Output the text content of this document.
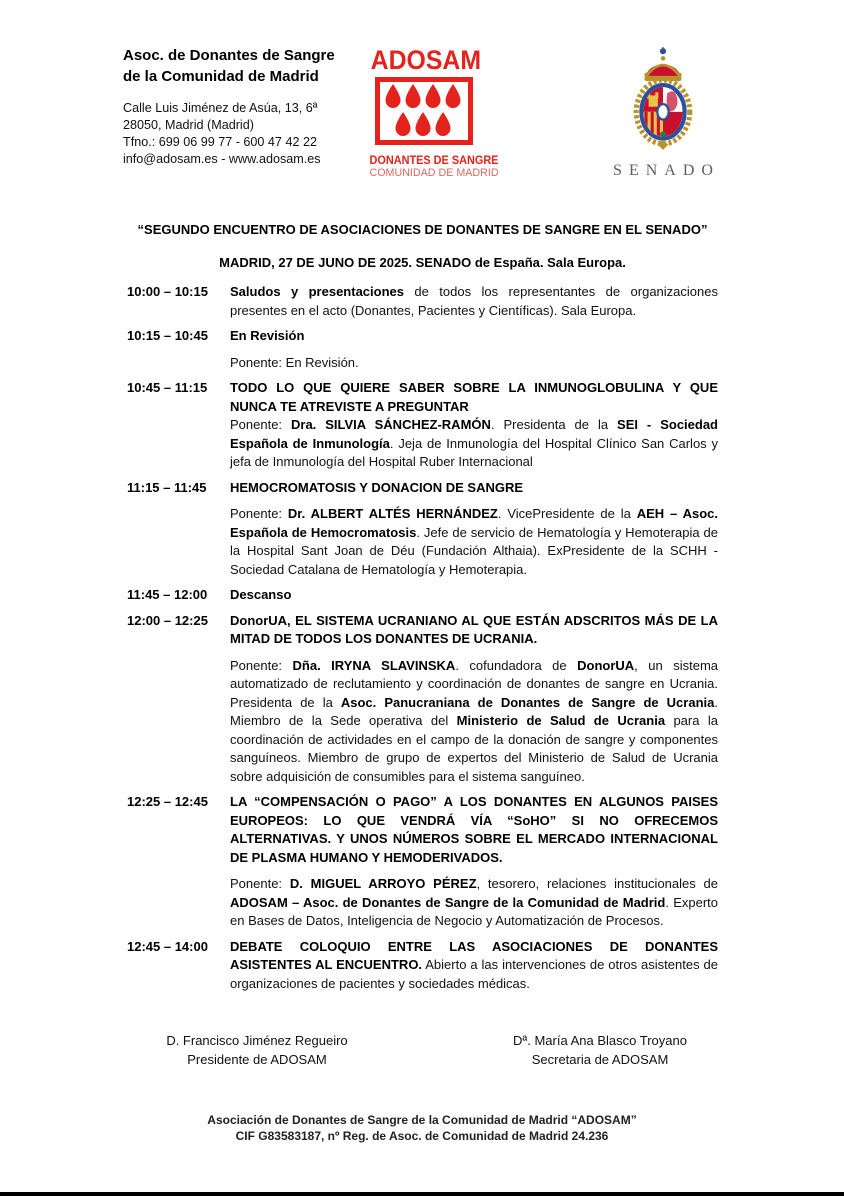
Asoc. de Donantes de Sangre
de la Comunidad de Madrid
Calle Luis Jiménez de Asúa, 13, 6ª
28050, Madrid (Madrid)
Tfno.: 699 06 99 77 - 600 47 42 22
info@adosam.es - www.adosam.es
ADOSAM
DONANTES DE SANGRE
COMUNIDAD DE MADRID	SENADO
“SEGUNDO ENCUENTRO DE ASOCIACIONES DE DONANTES DE SANGRE EN EL SENADO”
MADRID, 27 DE JUNO DE 2025. SENADO de España. Sala Europa.
10:00 – 10:15	Saludos y presentaciones de todos los representantes de organizaciones presentes en el acto (Donantes, Pacientes y Científicas). Sala Europa.
10:15 – 10:45	En Revisión
Ponente: En Revisión.
10:45 – 11:15	TODO LO QUE QUIERE SABER SOBRE LA INMUNOGLOBULINA Y QUE NUNCA TE ATREVISTE A PREGUNTAR
Ponente: Dra. SILVIA SÁNCHEZ-RAMÓN. Presidenta de la SEI - Sociedad Española de Inmunología. Jeja de Inmunología del Hospital Clínico San Carlos y jefa de Inmunología del Hospital Ruber Internacional
11:15 – 11:45	HEMOCROMATOSIS Y DONACION DE SANGRE
Ponente: Dr. ALBERT ALTÉS HERNÁNDEZ. VicePresidente de la AEH – Asoc. Española de Hemocromatosis. Jefe de servicio de Hematología y Hemoterapia de la Hospital Sant Joan de Déu (Fundación Althaia). ExPresidente de la SCHH - Sociedad Catalana de Hematología y Hemoterapia.
11:45 – 12:00	Descanso
12:00 – 12:25	DonorUA, EL SISTEMA UCRANIANO AL QUE ESTÁN ADSCRITOS MÁS DE LA MITAD DE TODOS LOS DONANTES DE UCRANIA.
Ponente: Dña. IRYNA SLAVINSKA. cofundadora de DonorUA, un sistema automatizado de reclutamiento y coordinación de donantes de sangre en Ucrania. Presidenta de la Asoc. Panucraniana de Donantes de Sangre de Ucrania. Miembro de la Sede operativa del Ministerio de Salud de Ucrania para la coordinación de actividades en el campo de la donación de sangre y componentes sanguíneos. Miembro de grupo de expertos del Ministerio de Salud de Ucrania sobre adquisición de consumibles para el sistema sanguíneo.
12:25 – 12:45	LA “COMPENSACIÓN O PAGO” A LOS DONANTES EN ALGUNOS PAISES EUROPEOS: LO QUE VENDRÁ VÍA “SoHO” SI NO OFRECEMOS ALTERNATIVAS. Y UNOS NÚMEROS SOBRE EL MERCADO INTERNACIONAL DE PLASMA HUMANO Y HEMODERIVADOS.
Ponente: D. MIGUEL ARROYO PÉREZ, tesorero, relaciones institucionales de ADOSAM – Asoc. de Donantes de Sangre de la Comunidad de Madrid. Experto en Bases de Datos, Inteligencia de Negocio y Automatización de Procesos.
12:45 – 14:00	DEBATE COLOQUIO ENTRE LAS ASOCIACIONES DE DONANTES ASISTENTES AL ENCUENTRO. Abierto a las intervenciones de otros asistentes de organizaciones de pacientes y sociedades médicas.
D. Francisco Jiménez Regueiro
Presidente de ADOSAM
Dª. María Ana Blasco Troyano
Secretaria de ADOSAM
Asociación de Donantes de Sangre de la Comunidad de Madrid “ADOSAM”
CIF G83583187, nº Reg. de Asoc. de Comunidad de Madrid 24.236
